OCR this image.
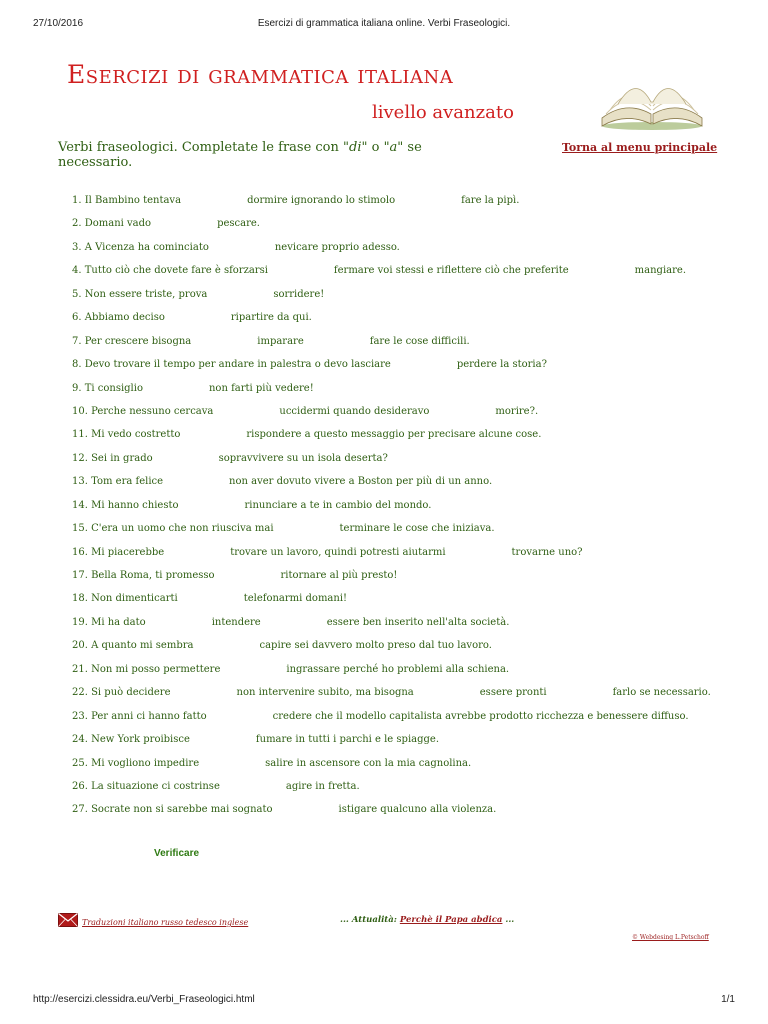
27/10/2016	Esercizi di grammatica italiana online. Verbi Fraseologici.
Esercizi di grammatica italiana
livello avanzato
Verbi fraseologici. Completate le frase con "di" o "a" se necessario.
Torna al menu principale
1. Il Bambino tentava	dormire ignorando lo stimolo	fare la pipì.
2. Domani vado	pescare.
3. A Vicenza ha cominciato	nevicare proprio adesso.
4. Tutto ciò che dovete fare è sforzarsi	fermare voi stessi e riflettere ciò che preferite	mangiare.
5. Non essere triste, prova	sorridere!
6. Abbiamo deciso	ripartire da qui.
7. Per crescere bisogna	imparare	fare le cose difficili.
8. Devo trovare il tempo per andare in palestra o devo lasciare	perdere la storia?
9. Ti consiglio	non farti più vedere!
10. Perche nessuno cercava	uccidermi quando desideravo	morire?.
11. Mi vedo costretto	rispondere a questo messaggio per precisare alcune cose.
12. Sei in grado	sopravvivere su un isola deserta?
13. Tom era felice	non aver dovuto vivere a Boston per più di un anno.
14. Mi hanno chiesto	rinunciare a te in cambio del mondo.
15. C'era un uomo che non riusciva mai	terminare le cose che iniziava.
16. Mi piacerebbe	trovare un lavoro, quindi potresti aiutarmi	trovarne uno?
17. Bella Roma, ti promesso	ritornare al più presto!
18. Non dimenticarti	telefonarmi domani!
19. Mi ha dato	intendere	essere ben inserito nell'alta società.
20. A quanto mi sembra	capire sei davvero molto preso dal tuo lavoro.
21. Non mi posso permettere	ingrassare perché ho problemi alla schiena.
22. Si può decidere	non intervenire subito, ma bisogna	essere pronti	farlo se necessario.
23. Per anni ci hanno fatto	credere che il modello capitalista avrebbe prodotto ricchezza e benessere diffuso.
24. New York proibisce	fumare in tutti i parchi e le spiagge.
25. Mi vogliono impedire	salire in ascensore con la mia cagnolina.
26. La situazione ci costrinse	agire in fretta.
27. Socrate non si sarebbe mai sognato	istigare qualcuno alla violenza.
Verificare
Traduzioni italiano russo tedesco inglese	... Attualità: Perchè il Papa abdica ...
© Webdesing L.Petschoff
http://esercizi.clessidra.eu/Verbi_Fraseologici.html	1/1
